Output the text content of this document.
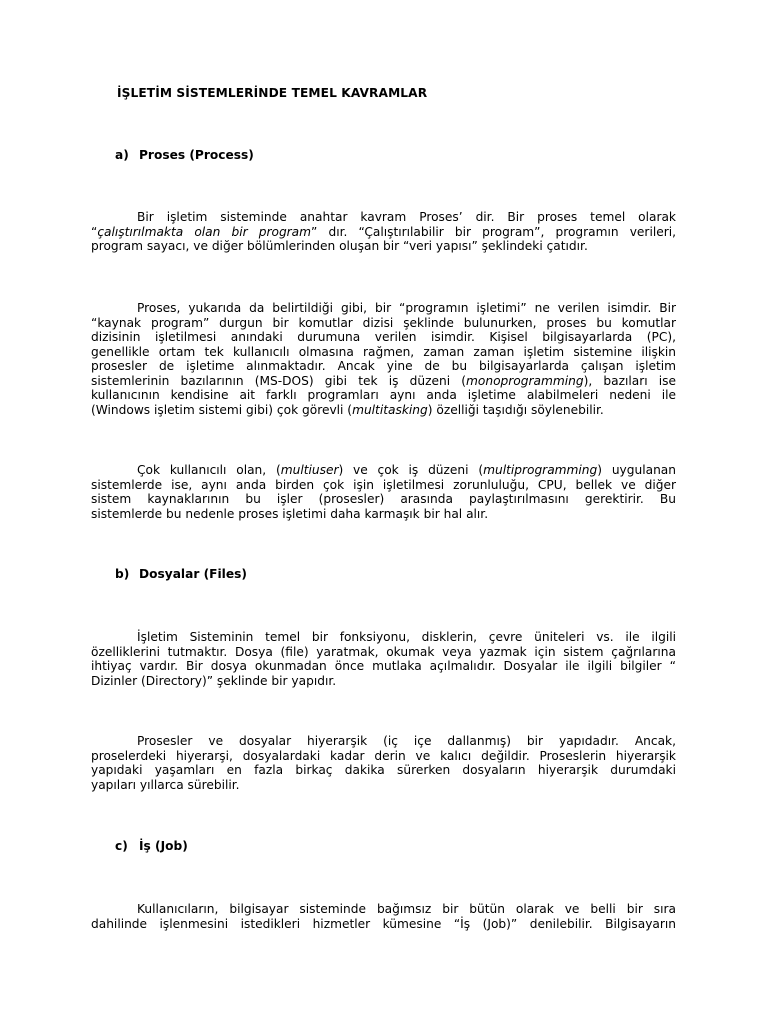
İŞLETİM SİSTEMLERİNDE TEMEL KAVRAMLAR
a) Proses (Process)
Bir işletim sisteminde anahtar kavram Proses’ dir. Bir proses temel olarak
“çalıştırılmakta olan bir program” dır. “Çalıştırılabilir bir program”, programın verileri,
program sayacı, ve diğer bölümlerinden oluşan bir “veri yapısı” şeklindeki çatıdır.
Proses, yukarıda da belirtildiği gibi, bir “programın işletimi” ne verilen isimdir. Bir
“kaynak program” durgun bir komutlar dizisi şeklinde bulunurken, proses bu komutlar
dizisinin işletilmesi anındaki durumuna verilen isimdir. Kişisel bilgisayarlarda (PC),
genellikle ortam tek kullanıcılı olmasına rağmen, zaman zaman işletim sistemine ilişkin
prosesler de işletime alınmaktadır. Ancak yine de bu bilgisayarlarda çalışan işletim
sistemlerinin bazılarının (MS-DOS) gibi tek iş düzeni (monoprogramming), bazıları ise
kullanıcının kendisine ait farklı programları aynı anda işletime alabilmeleri nedeni ile
(Windows işletim sistemi gibi) çok görevli (multitasking) özelliği taşıdığı söylenebilir.
Çok kullanıcılı olan, (multiuser) ve çok iş düzeni (multiprogramming) uygulanan
sistemlerde ise, aynı anda birden çok işin işletilmesi zorunluluğu, CPU, bellek ve diğer
sistem kaynaklarının bu işler (prosesler) arasında paylaştırılmasını gerektirir. Bu
sistemlerde bu nedenle proses işletimi daha karmaşık bir hal alır.
b) Dosyalar (Files)
İşletim Sisteminin temel bir fonksiyonu, disklerin, çevre üniteleri vs. ile ilgili
özelliklerini tutmaktır. Dosya (file) yaratmak, okumak veya yazmak için sistem çağrılarına
ihtiyaç vardır. Bir dosya okunmadan önce mutlaka açılmalıdır. Dosyalar ile ilgili bilgiler “
Dizinler (Directory)” şeklinde bir yapıdır.
Prosesler ve dosyalar hiyerarşik (iç içe dallanmış) bir yapıdadır. Ancak,
proselerdeki hiyerarşi, dosyalardaki kadar derin ve kalıcı değildir. Proseslerin hiyerarşik
yapıdaki yaşamları en fazla birkaç dakika sürerken dosyaların hiyerarşik durumdaki
yapıları yıllarca sürebilir.
c) İş (Job)
Kullanıcıların, bilgisayar sisteminde bağımsız bir bütün olarak ve belli bir sıra
dahilinde işlenmesini istedikleri hizmetler kümesine “İş (Job)” denilebilir. Bilgisayarın
